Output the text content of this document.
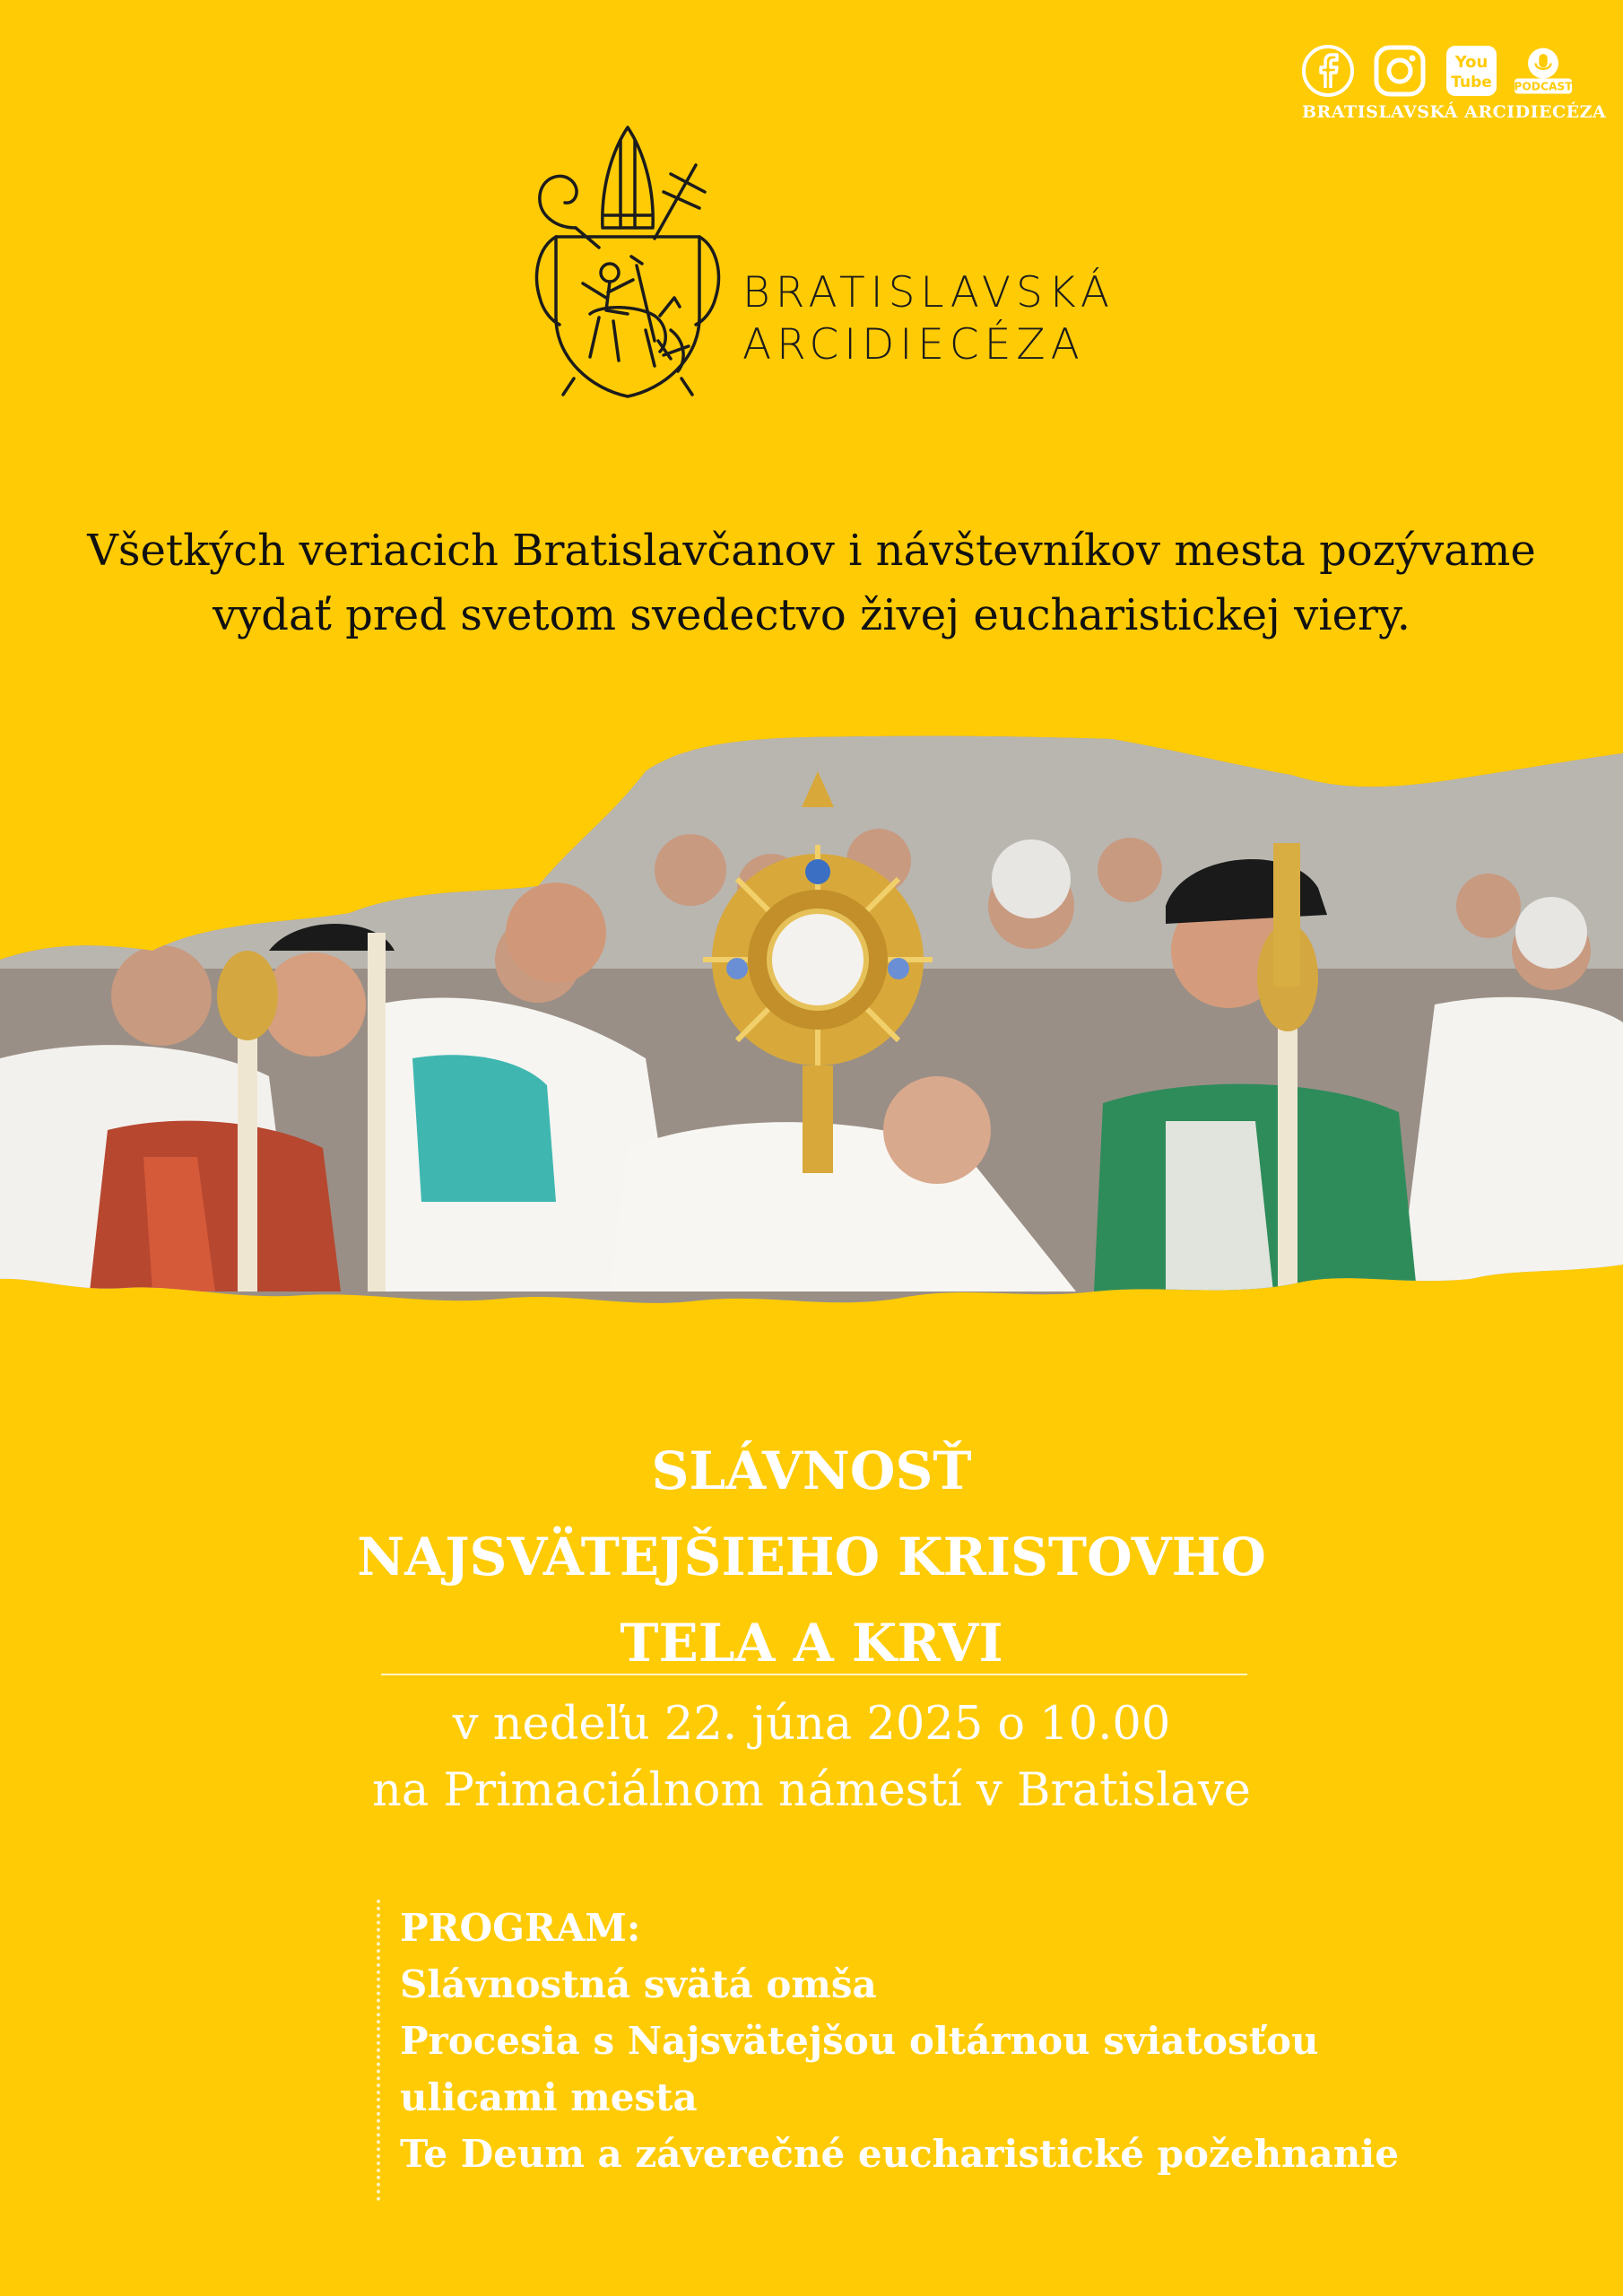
You
Tube PODCAST
BRATISLAVSKÁ ARCIDIECÉZA
BRATISLAVSKÁ
ARCIDIECÉZA
Všetkých veriacich Bratislavčanov i návštevníkov mesta pozývame
vydať pred svetom svedectvo živej eucharistickej viery.
SLÁVNOSŤ
NAJSVÄTEJŠIEHO KRISTOVHO
TELA A KRVI
v nedeľu 22. júna 2025 o 10.00
na Primaciálnom námestí v Bratislave
PROGRAM:
Slávnostná svätá omša
Procesia s Najsvätejšou oltárnou sviatosťou
ulicami mesta
Te Deum a záverečné eucharistické požehnanie
